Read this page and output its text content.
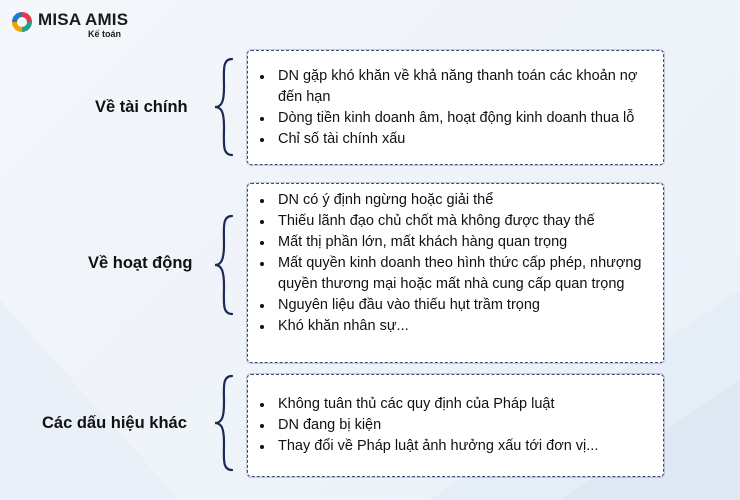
MISA AMIS
Kế toán
Về tài chính
DN gặp khó khăn về khả năng thanh toán các khoản nợ đến hạn
Dòng tiền kinh doanh âm, hoạt động kinh doanh thua lỗ
Chỉ số tài chính xấu
Về hoạt động
DN có ý định ngừng hoặc giải thể
Thiếu lãnh đạo chủ chốt mà không được thay thế
Mất thị phần lớn, mất khách hàng quan trọng
Mất quyền kinh doanh theo hình thức cấp phép, nhượng quyền thương mại hoặc mất nhà cung cấp quan trọng
Nguyên liệu đầu vào thiếu hụt trầm trọng
Khó khăn nhân sự...
Các dấu hiệu khác
Không tuân thủ các quy định của Pháp luật
DN đang bị kiện
Thay đổi về Pháp luật ảnh hưởng xấu tới đơn vị...
